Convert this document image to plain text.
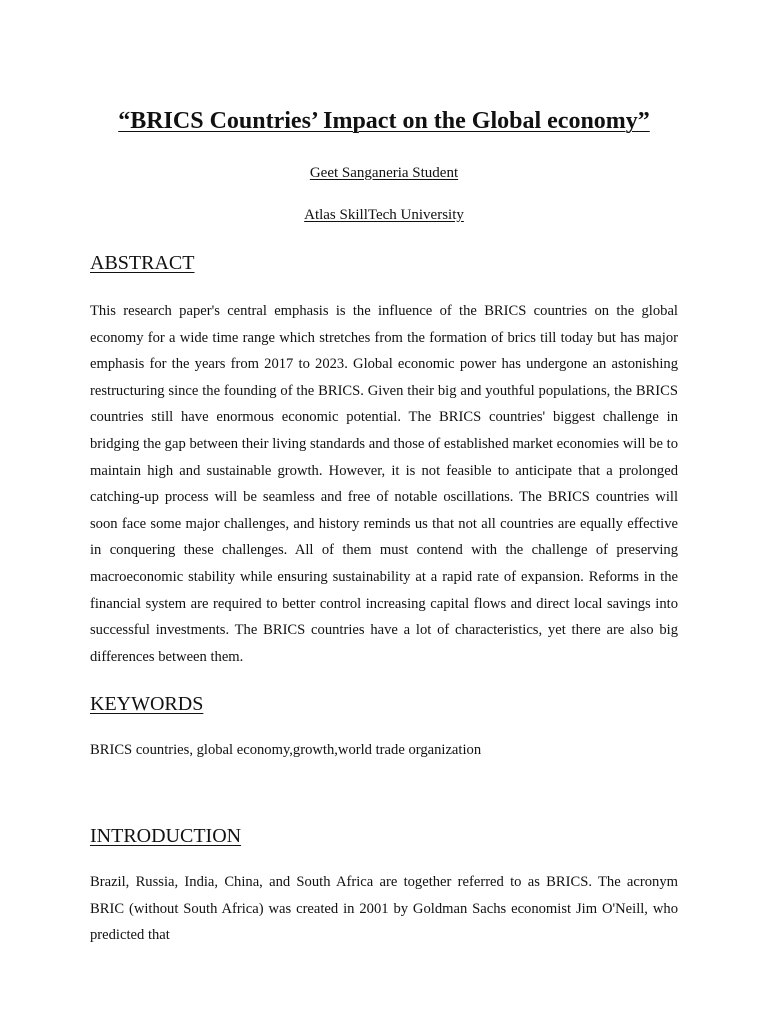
“BRICS Countries’ Impact on the Global economy”
Geet Sanganeria Student
Atlas SkillTech University
ABSTRACT

This research paper's central emphasis is the influence of the BRICS countries on the global economy for a wide time range which stretches from the formation of brics till today but has major emphasis for the years from 2017 to 2023. Global economic power has undergone an astonishing restructuring since the founding of the BRICS. Given their big and youthful populations, the BRICS countries still have enormous economic potential. The BRICS countries' biggest challenge in bridging the gap between their living standards and those of established market economies will be to maintain high and sustainable growth. However, it is not feasible to anticipate that a prolonged catching-up process will be seamless and free of notable oscillations. The BRICS countries will soon face some major challenges, and history reminds us that not all countries are equally effective in conquering these challenges. All of them must contend with the challenge of preserving macroeconomic stability while ensuring sustainability at a rapid rate of expansion. Reforms in the financial system are required to better control increasing capital flows and direct local savings into successful investments. The BRICS countries have a lot of characteristics, yet there are also big differences between them.

KEYWORDS

BRICS countries, global economy,growth,world trade organization

INTRODUCTION

Brazil, Russia, India, China, and South Africa are together referred to as BRICS. The acronym BRIC (without South Africa) was created in 2001 by Goldman Sachs economist Jim O'Neill, who predicted that
